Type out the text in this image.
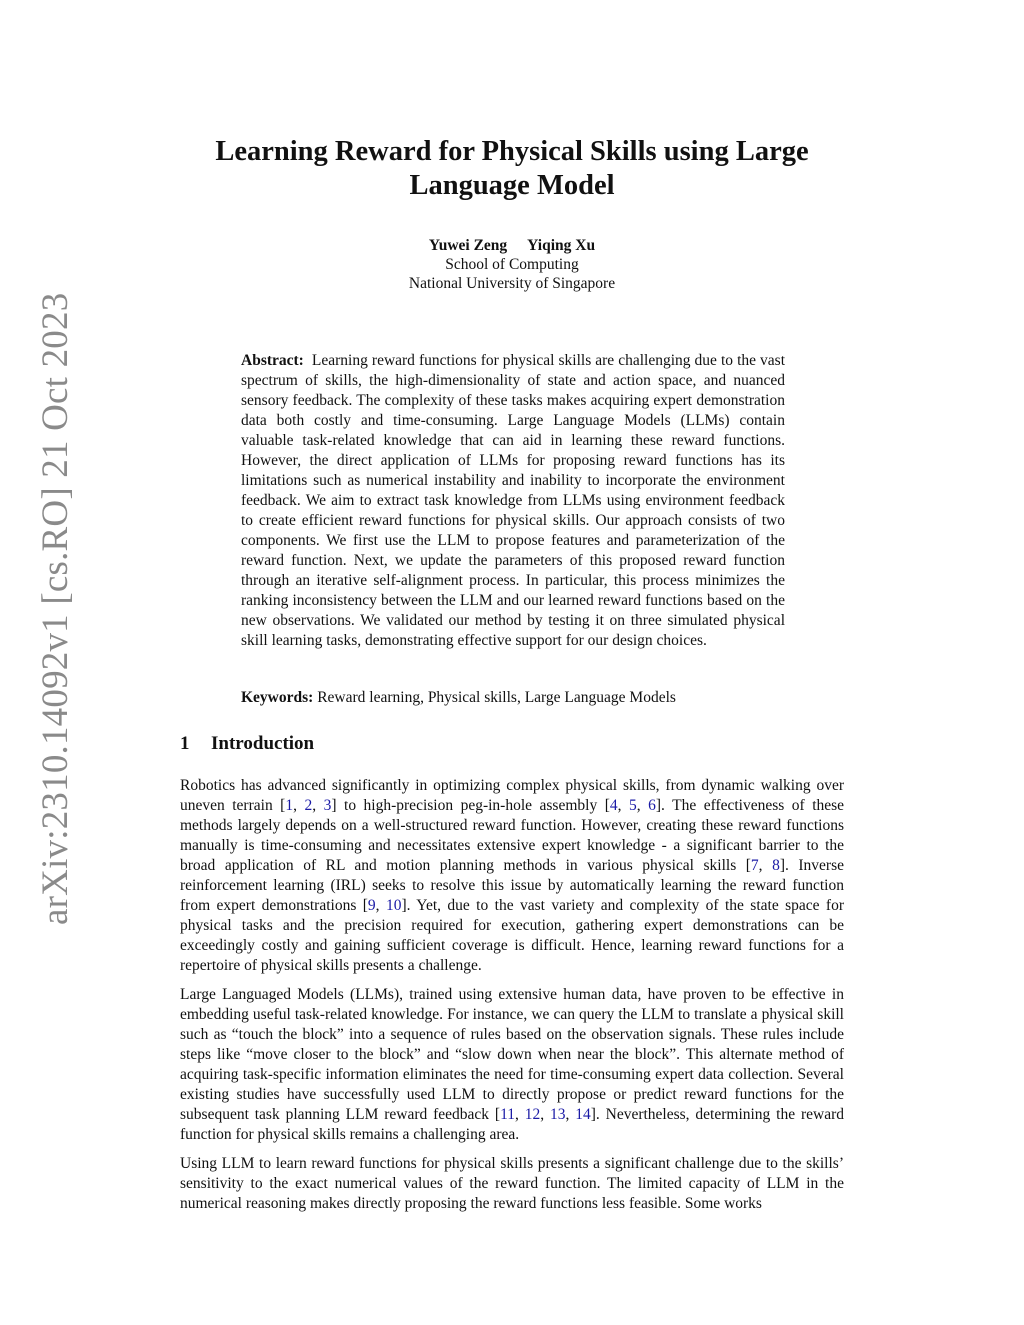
arXiv:2310.14092v1 [cs.RO] 21 Oct 2023
Learning Reward for Physical Skills using Large
Language Model
Yuwei Zeng Yiqing Xu
School of Computing
National University of Singapore

Abstract: Learning reward functions for physical skills are challenging due to the vast spectrum of skills, the high-dimensionality of state and action space, and nuanced sensory feedback. The complexity of these tasks makes acquiring expert demonstration data both costly and time-consuming. Large Language Models (LLMs) contain valuable task-related knowledge that can aid in learning these reward functions. However, the direct application of LLMs for proposing reward functions has its limitations such as numerical instability and inability to incorporate the environment feedback. We aim to extract task knowledge from LLMs using environment feedback to create efficient reward functions for physical skills. Our approach consists of two components. We first use the LLM to propose features and parameterization of the reward function. Next, we update the parameters of this proposed reward function through an iterative self-alignment process. In particular, this process minimizes the ranking inconsistency between the LLM and our learned reward functions based on the new observations. We validated our method by testing it on three simulated physical skill learning tasks, demonstrating effective support for our design choices.

Keywords: Reward learning, Physical skills, Large Language Models

1 Introduction

Robotics has advanced significantly in optimizing complex physical skills, from dynamic walking over uneven terrain [1, 2, 3] to high-precision peg-in-hole assembly [4, 5, 6]. The effectiveness of these methods largely depends on a well-structured reward function. However, creating these reward functions manually is time-consuming and necessitates extensive expert knowledge - a significant barrier to the broad application of RL and motion planning methods in various physical skills [7, 8]. Inverse reinforcement learning (IRL) seeks to resolve this issue by automatically learning the reward function from expert demonstrations [9, 10]. Yet, due to the vast variety and complexity of the state space for physical tasks and the precision required for execution, gathering expert demonstrations can be exceedingly costly and gaining sufficient coverage is difficult. Hence, learning reward functions for a repertoire of physical skills presents a challenge.

Large Languaged Models (LLMs), trained using extensive human data, have proven to be effective in embedding useful task-related knowledge. For instance, we can query the LLM to translate a physical skill such as “touch the block” into a sequence of rules based on the observation signals. These rules include steps like “move closer to the block” and “slow down when near the block”. This alternate method of acquiring task-specific information eliminates the need for time-consuming expert data collection. Several existing studies have successfully used LLM to directly propose or predict reward functions for the subsequent task planning LLM reward feedback [11, 12, 13, 14]. Nevertheless, determining the reward function for physical skills remains a challenging area.

Using LLM to learn reward functions for physical skills presents a significant challenge due to the skills’ sensitivity to the exact numerical values of the reward function. The limited capacity of LLM in the numerical reasoning makes directly proposing the reward functions less feasible. Some works
